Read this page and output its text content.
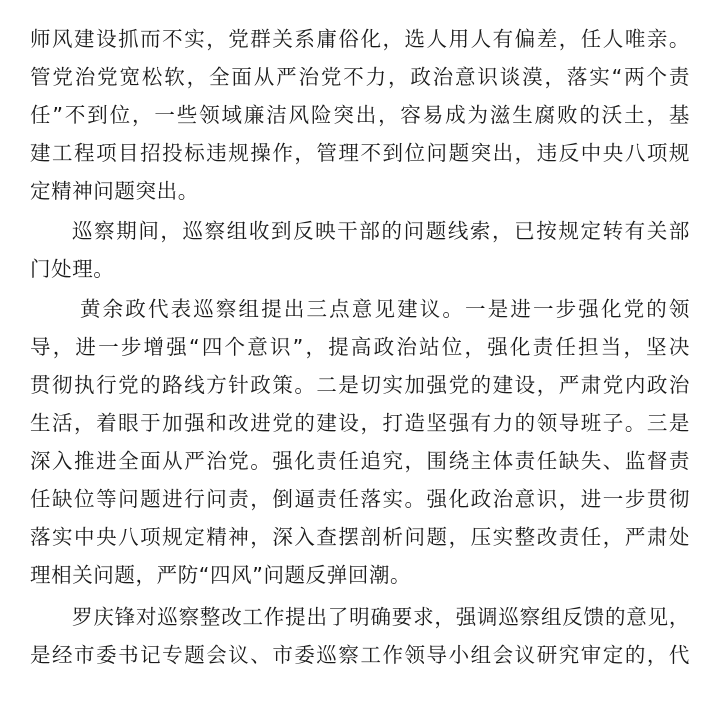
师风建设抓而不实，党群关系庸俗化，选人用人有偏差，任人唯亲。

管党治党宽松软，全面从严治党不力，政治意识谈漠，落实“两个责

任”不到位，一些领域廉洁风险突出，容易成为滋生腐败的沃土，基

建工程项目招投标违规操作，管理不到位问题突出，违反中央八项规

定精神问题突出。

巡察期间，巡察组收到反映干部的问题线索，已按规定转有关部

门处理。

黄余政代表巡察组提出三点意见建议。一是进一步强化党的领

导，进一步增强“四个意识”，提高政治站位，强化责任担当，坚决

贯彻执行党的路线方针政策。二是切实加强党的建设，严肃党内政治

生活，着眼于加强和改进党的建设，打造坚强有力的领导班子。三是

深入推进全面从严治党。强化责任追究，围绕主体责任缺失、监督责

任缺位等问题进行问责，倒逼责任落实。强化政治意识，进一步贯彻

落实中央八项规定精神，深入查摆剖析问题，压实整改责任，严肃处

理相关问题，严防“四风”问题反弹回潮。

罗庆锋对巡察整改工作提出了明确要求，强调巡察组反馈的意见，

是经市委书记专题会议、市委巡察工作领导小组会议研究审定的，代
